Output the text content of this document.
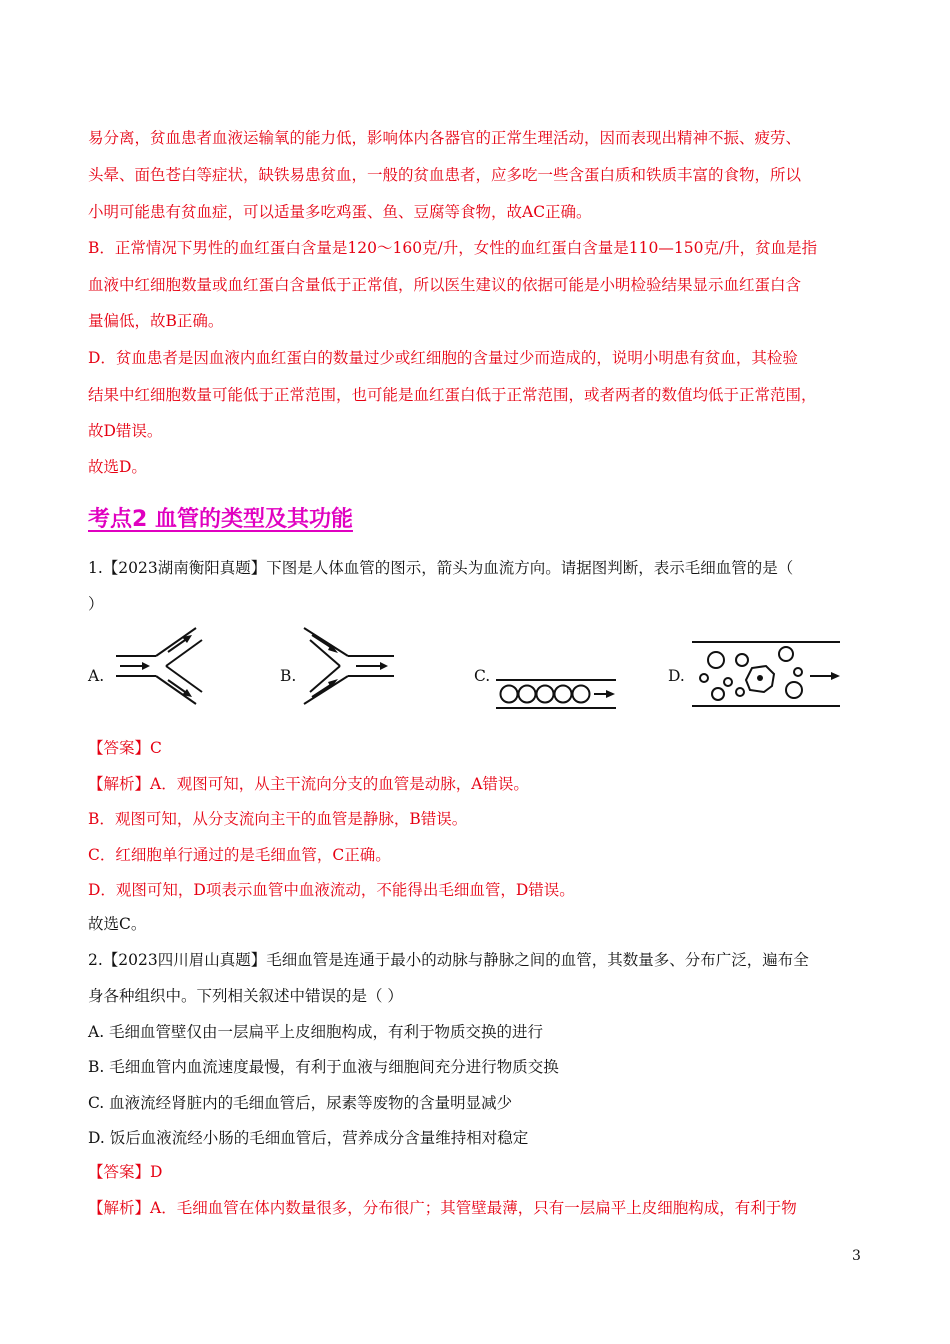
易分离，贫血患者血液运输氧的能力低，影响体内各器官的正常生理活动，因而表现出精神不振、疲劳、
头晕、面色苍白等症状，缺铁易患贫血，一般的贫血患者，应多吃一些含蛋白质和铁质丰富的食物，所以
小明可能患有贫血症，可以适量多吃鸡蛋、鱼、豆腐等食物，故AC正确。
B．正常情况下男性的血红蛋白含量是120～160克/升，女性的血红蛋白含量是110—150克/升，贫血是指
血液中红细胞数量或血红蛋白含量低于正常值，所以医生建议的依据可能是小明检验结果显示血红蛋白含
量偏低，故B正确。
D．贫血患者是因血液内血红蛋白的数量过少或红细胞的含量过少而造成的，说明小明患有贫血，其检验
结果中红细胞数量可能低于正常范围，也可能是血红蛋白低于正常范围，或者两者的数值均低于正常范围，
故D错误。
故选D。
考点2 血管的类型及其功能
1.【2023湖南衡阳真题】下图是人体血管的图示，箭头为血流方向。请据图判断，表示毛细血管的是（
）
A.	B.	C.	D.
【答案】C
【解析】A．观图可知，从主干流向分支的血管是动脉，A错误。
B．观图可知，从分支流向主干的血管是静脉，B错误。
C．红细胞单行通过的是毛细血管，C正确。
D．观图可知，D项表示血管中血液流动，不能得出毛细血管，D错误。
故选C。
2.【2023四川眉山真题】毛细血管是连通于最小的动脉与静脉之间的血管，其数量多、分布广泛，遍布全
身各种组织中。下列相关叙述中错误的是（ ）
A. 毛细血管壁仅由一层扁平上皮细胞构成，有利于物质交换的进行
B. 毛细血管内血流速度最慢，有利于血液与细胞间充分进行物质交换
C. 血液流经肾脏内的毛细血管后，尿素等废物的含量明显减少
D. 饭后血液流经小肠的毛细血管后，营养成分含量维持相对稳定
【答案】D
【解析】A．毛细血管在体内数量很多，分布很广；其管壁最薄，只有一层扁平上皮细胞构成，有利于物
3
